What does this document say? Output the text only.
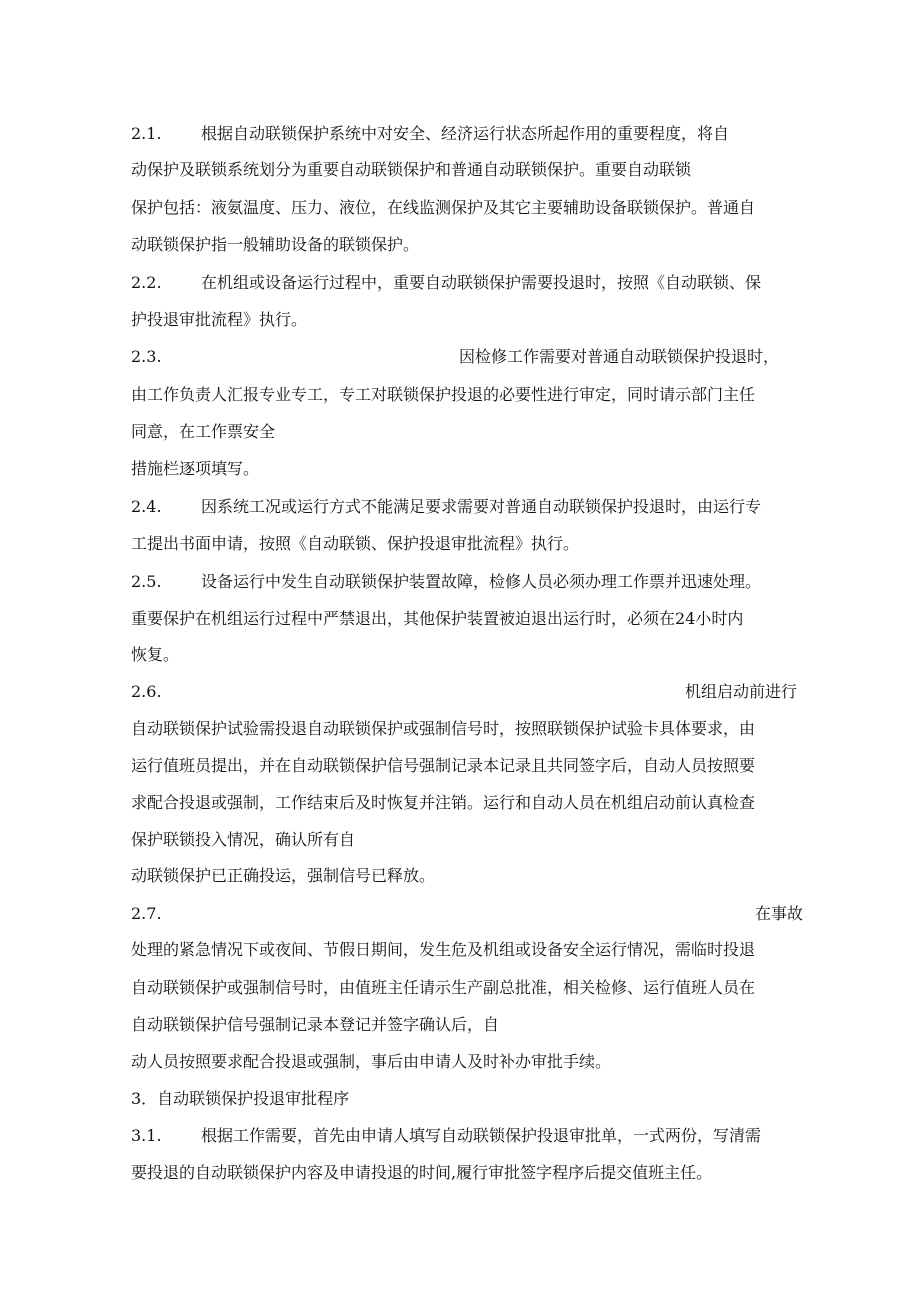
2.1. 根据自动联锁保护系统中对安全、经济运行状态所起作用的重要程度，将自
动保护及联锁系统划分为重要自动联锁保护和普通自动联锁保护。重要自动联锁
保护包括：液氨温度、压力、液位，在线监测保护及其它主要辅助设备联锁保护。普通自
动联锁保护指一般辅助设备的联锁保护。
2.2. 在机组或设备运行过程中，重要自动联锁保护需要投退时，按照《自动联锁、保
护投退审批流程》执行。
2.3.	因检修工作需要对普通自动联锁保护投退时，
由工作负责人汇报专业专工，专工对联锁保护投退的必要性进行审定，同时请示部门主任
同意，在工作票安全
措施栏逐项填写。
2.4. 因系统工况或运行方式不能满足要求需要对普通自动联锁保护投退时，由运行专
工提出书面申请，按照《自动联锁、保护投退审批流程》执行。
2.5. 设备运行中发生自动联锁保护装置故障，检修人员必须办理工作票并迅速处理。
重要保护在机组运行过程中严禁退出，其他保护装置被迫退出运行时，必须在24小时内
恢复。
2.6.	机组启动前进行
自动联锁保护试验需投退自动联锁保护或强制信号时，按照联锁保护试验卡具体要求，由
运行值班员提出，并在自动联锁保护信号强制记录本记录且共同签字后，自动人员按照要
求配合投退或强制，工作结束后及时恢复并注销。运行和自动人员在机组启动前认真检查
保护联锁投入情况，确认所有自
动联锁保护已正确投运，强制信号已释放。
2.7.	在事故
处理的紧急情况下或夜间、节假日期间，发生危及机组或设备安全运行情况，需临时投退
自动联锁保护或强制信号时，由值班主任请示生产副总批准，相关检修、运行值班人员在
自动联锁保护信号强制记录本登记并签字确认后，自
动人员按照要求配合投退或强制，事后由申请人及时补办审批手续。
3．自动联锁保护投退审批程序
3.1. 根据工作需要，首先由申请人填写自动联锁保护投退审批单，一式两份，写清需
要投退的自动联锁保护内容及申请投退的时间,履行审批签字程序后提交值班主任。
